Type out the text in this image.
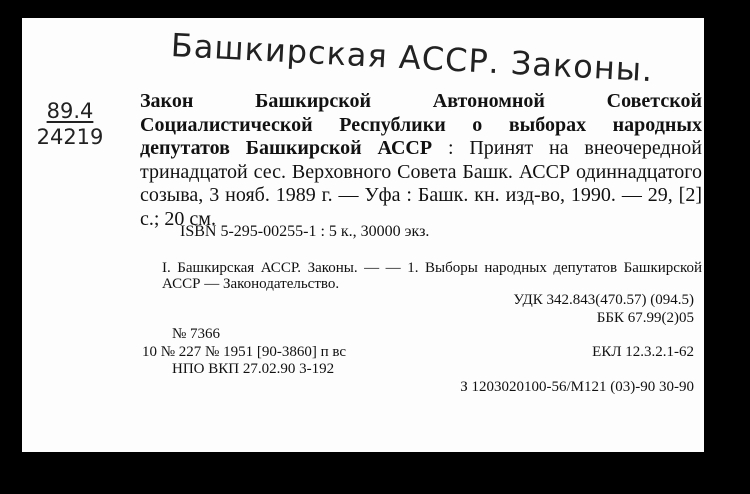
Башкирская АССР. Законы.
89.4
24219
Закон Башкирской Автономной Советской Социалистической Республики о выборах народных депутатов Башкирской АССР : Принят на внеочередной тринадцатой сес. Верховного Совета Башк. АССР одиннадцатого созыва, 3 нояб. 1989 г. — Уфа : Башк. кн. изд-во, 1990. — 29, [2] с.; 20 см.
ISBN 5-295-00255-1 : 5 к., 30000 экз.
I. Башкирская АССР. Законы. — — 1. Выборы народных депутатов Башкирской АССР — Законодательство.
УДК 342.843(470.57) (094.5)
ББК 67.99(2)05
№ 7366
10 № 227 № 1951 [90-3860] п вс	ЕКЛ 12.3.2.1-62
НПО ВКП 27.02.90 3-192
З 1203020100-56/М121 (03)-90 30-90
